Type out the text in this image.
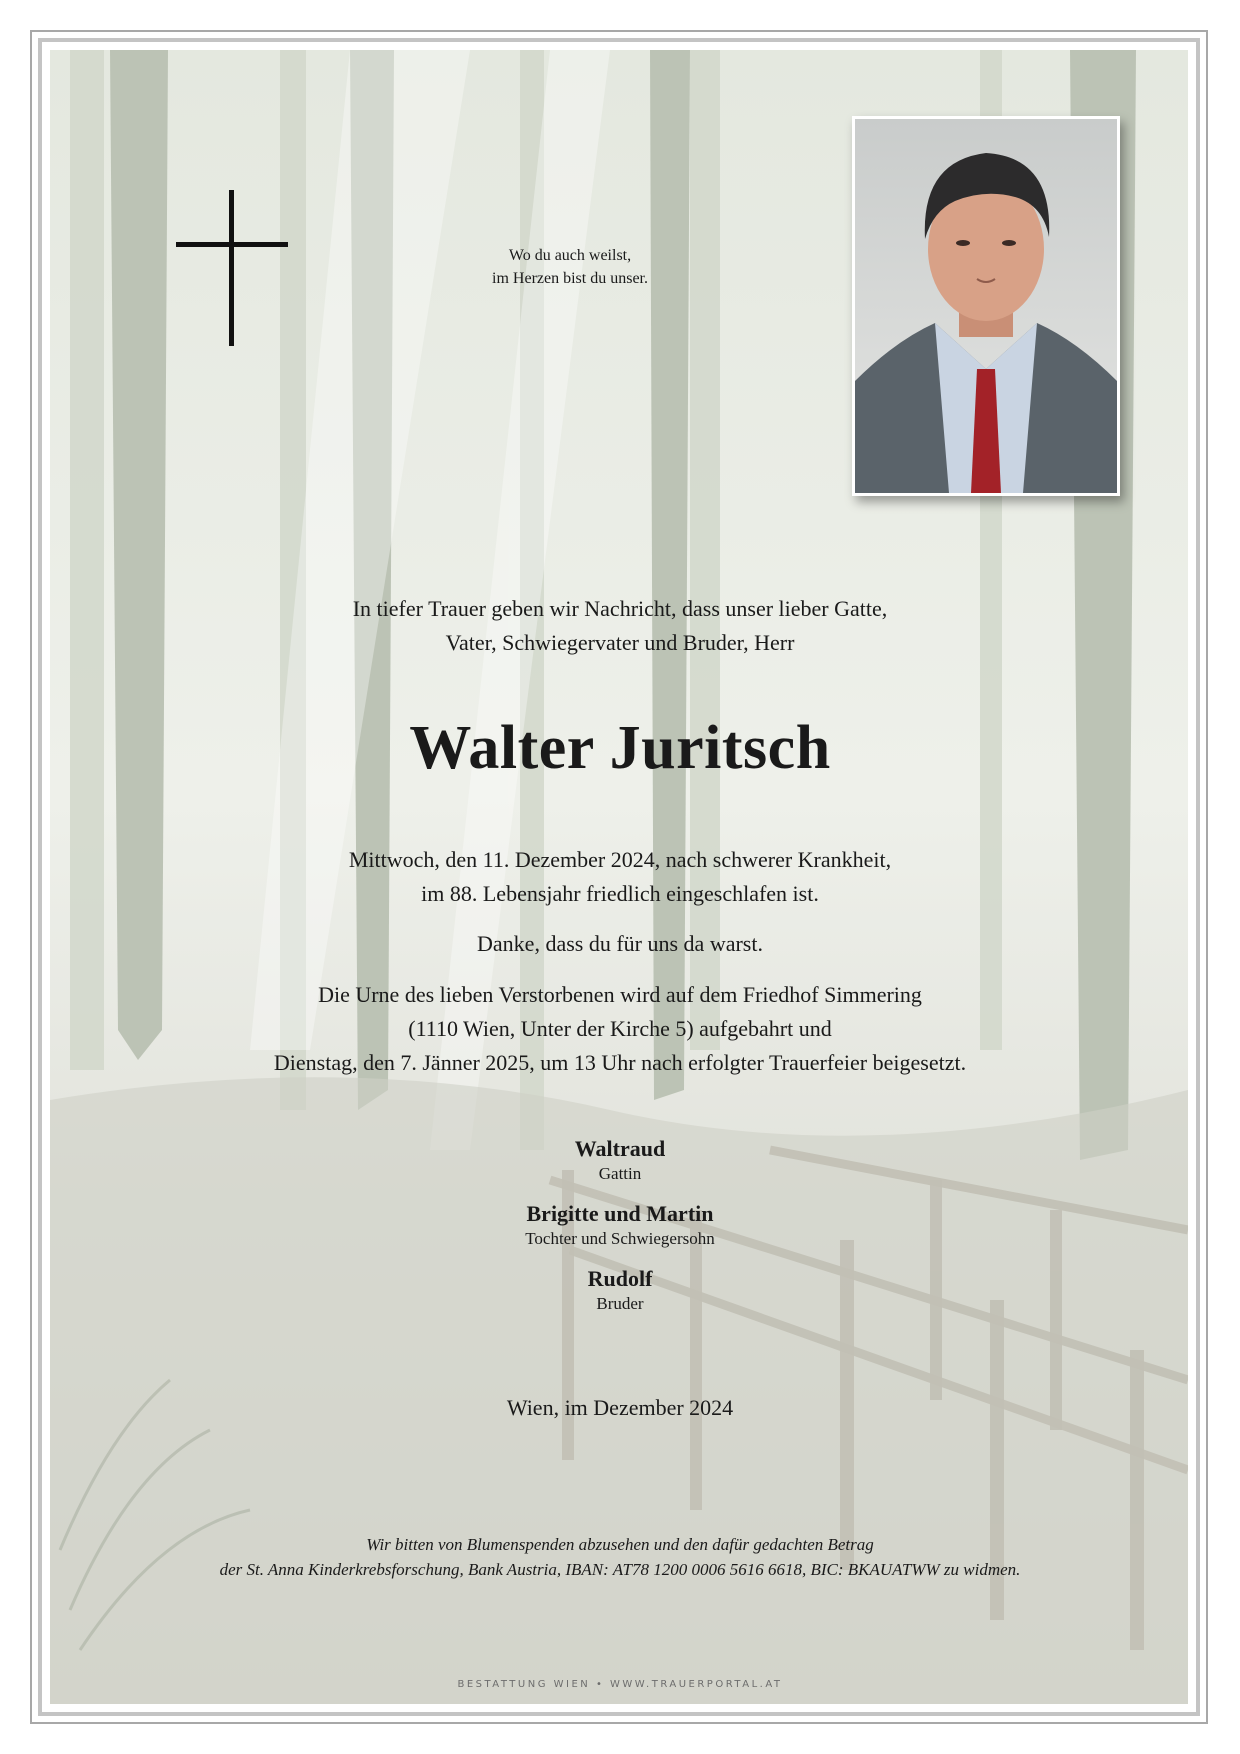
Wo du auch weilst,
im Herzen bist du unser.
In tiefer Trauer geben wir Nachricht, dass unser lieber Gatte,
Vater, Schwiegervater und Bruder, Herr
Walter Juritsch
Mittwoch, den 11. Dezember 2024, nach schwerer Krankheit,
im 88. Lebensjahr friedlich eingeschlafen ist.
Danke, dass du für uns da warst.
Die Urne des lieben Verstorbenen wird auf dem Friedhof Simmering
(1110 Wien, Unter der Kirche 5) aufgebahrt und
Dienstag, den 7. Jänner 2025, um 13 Uhr nach erfolgter Trauerfeier beigesetzt.
Waltraud
Gattin
Brigitte und Martin
Tochter und Schwiegersohn
Rudolf
Bruder
Wien, im Dezember 2024
Wir bitten von Blumenspenden abzusehen und den dafür gedachten Betrag
der St. Anna Kinderkrebsforschung, Bank Austria, IBAN: AT78 1200 0006 5616 6618, BIC: BKAUATWW zu widmen.
BESTATTUNG WIEN • WWW.TRAUERPORTAL.AT
